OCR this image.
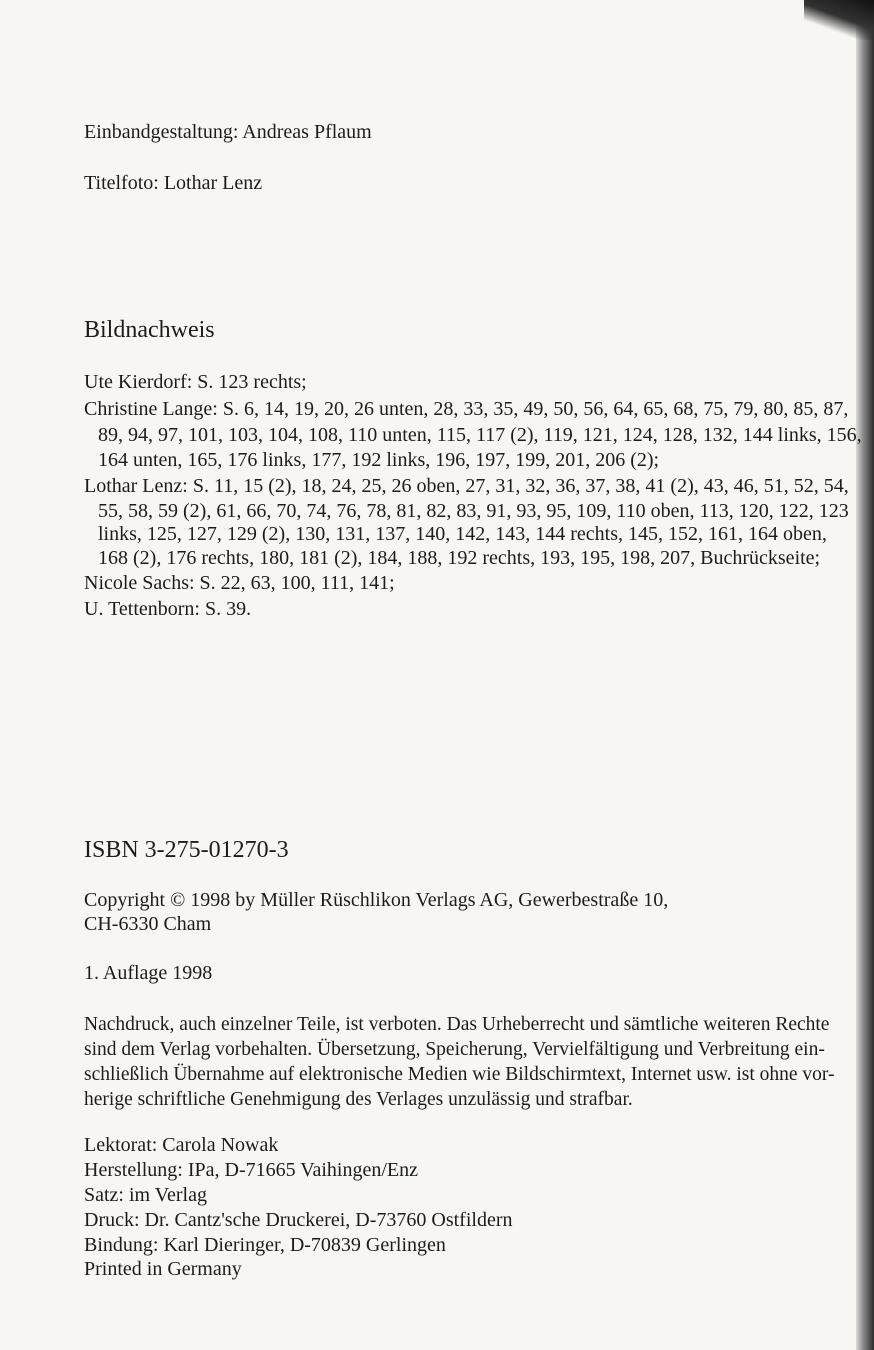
Einbandgestaltung: Andreas Pflaum
Titelfoto: Lothar Lenz
Bildnachweis
Ute Kierdorf: S. 123 rechts;
Christine Lange: S. 6, 14, 19, 20, 26 unten, 28, 33, 35, 49, 50, 56, 64, 65, 68, 75, 79, 80, 85, 87,
89, 94, 97, 101, 103, 104, 108, 110 unten, 115, 117 (2), 119, 121, 124, 128, 132, 144 links, 156,
164 unten, 165, 176 links, 177, 192 links, 196, 197, 199, 201, 206 (2);
Lothar Lenz: S. 11, 15 (2), 18, 24, 25, 26 oben, 27, 31, 32, 36, 37, 38, 41 (2), 43, 46, 51, 52, 54,
55, 58, 59 (2), 61, 66, 70, 74, 76, 78, 81, 82, 83, 91, 93, 95, 109, 110 oben, 113, 120, 122, 123
links, 125, 127, 129 (2), 130, 131, 137, 140, 142, 143, 144 rechts, 145, 152, 161, 164 oben,
168 (2), 176 rechts, 180, 181 (2), 184, 188, 192 rechts, 193, 195, 198, 207, Buchrückseite;
Nicole Sachs: S. 22, 63, 100, 111, 141;
U. Tettenborn: S. 39.
ISBN 3-275-01270-3
Copyright © 1998 by Müller Rüschlikon Verlags AG, Gewerbestraße 10,
CH-6330 Cham
1. Auflage 1998
Nachdruck, auch einzelner Teile, ist verboten. Das Urheberrecht und sämtliche weiteren Rechte
sind dem Verlag vorbehalten. Übersetzung, Speicherung, Vervielfältigung und Verbreitung ein-
schließlich Übernahme auf elektronische Medien wie Bildschirmtext, Internet usw. ist ohne vor-
herige schriftliche Genehmigung des Verlages unzulässig und strafbar.
Lektorat: Carola Nowak
Herstellung: IPa, D-71665 Vaihingen/Enz
Satz: im Verlag
Druck: Dr. Cantz'sche Druckerei, D-73760 Ostfildern
Bindung: Karl Dieringer, D-70839 Gerlingen
Printed in Germany
